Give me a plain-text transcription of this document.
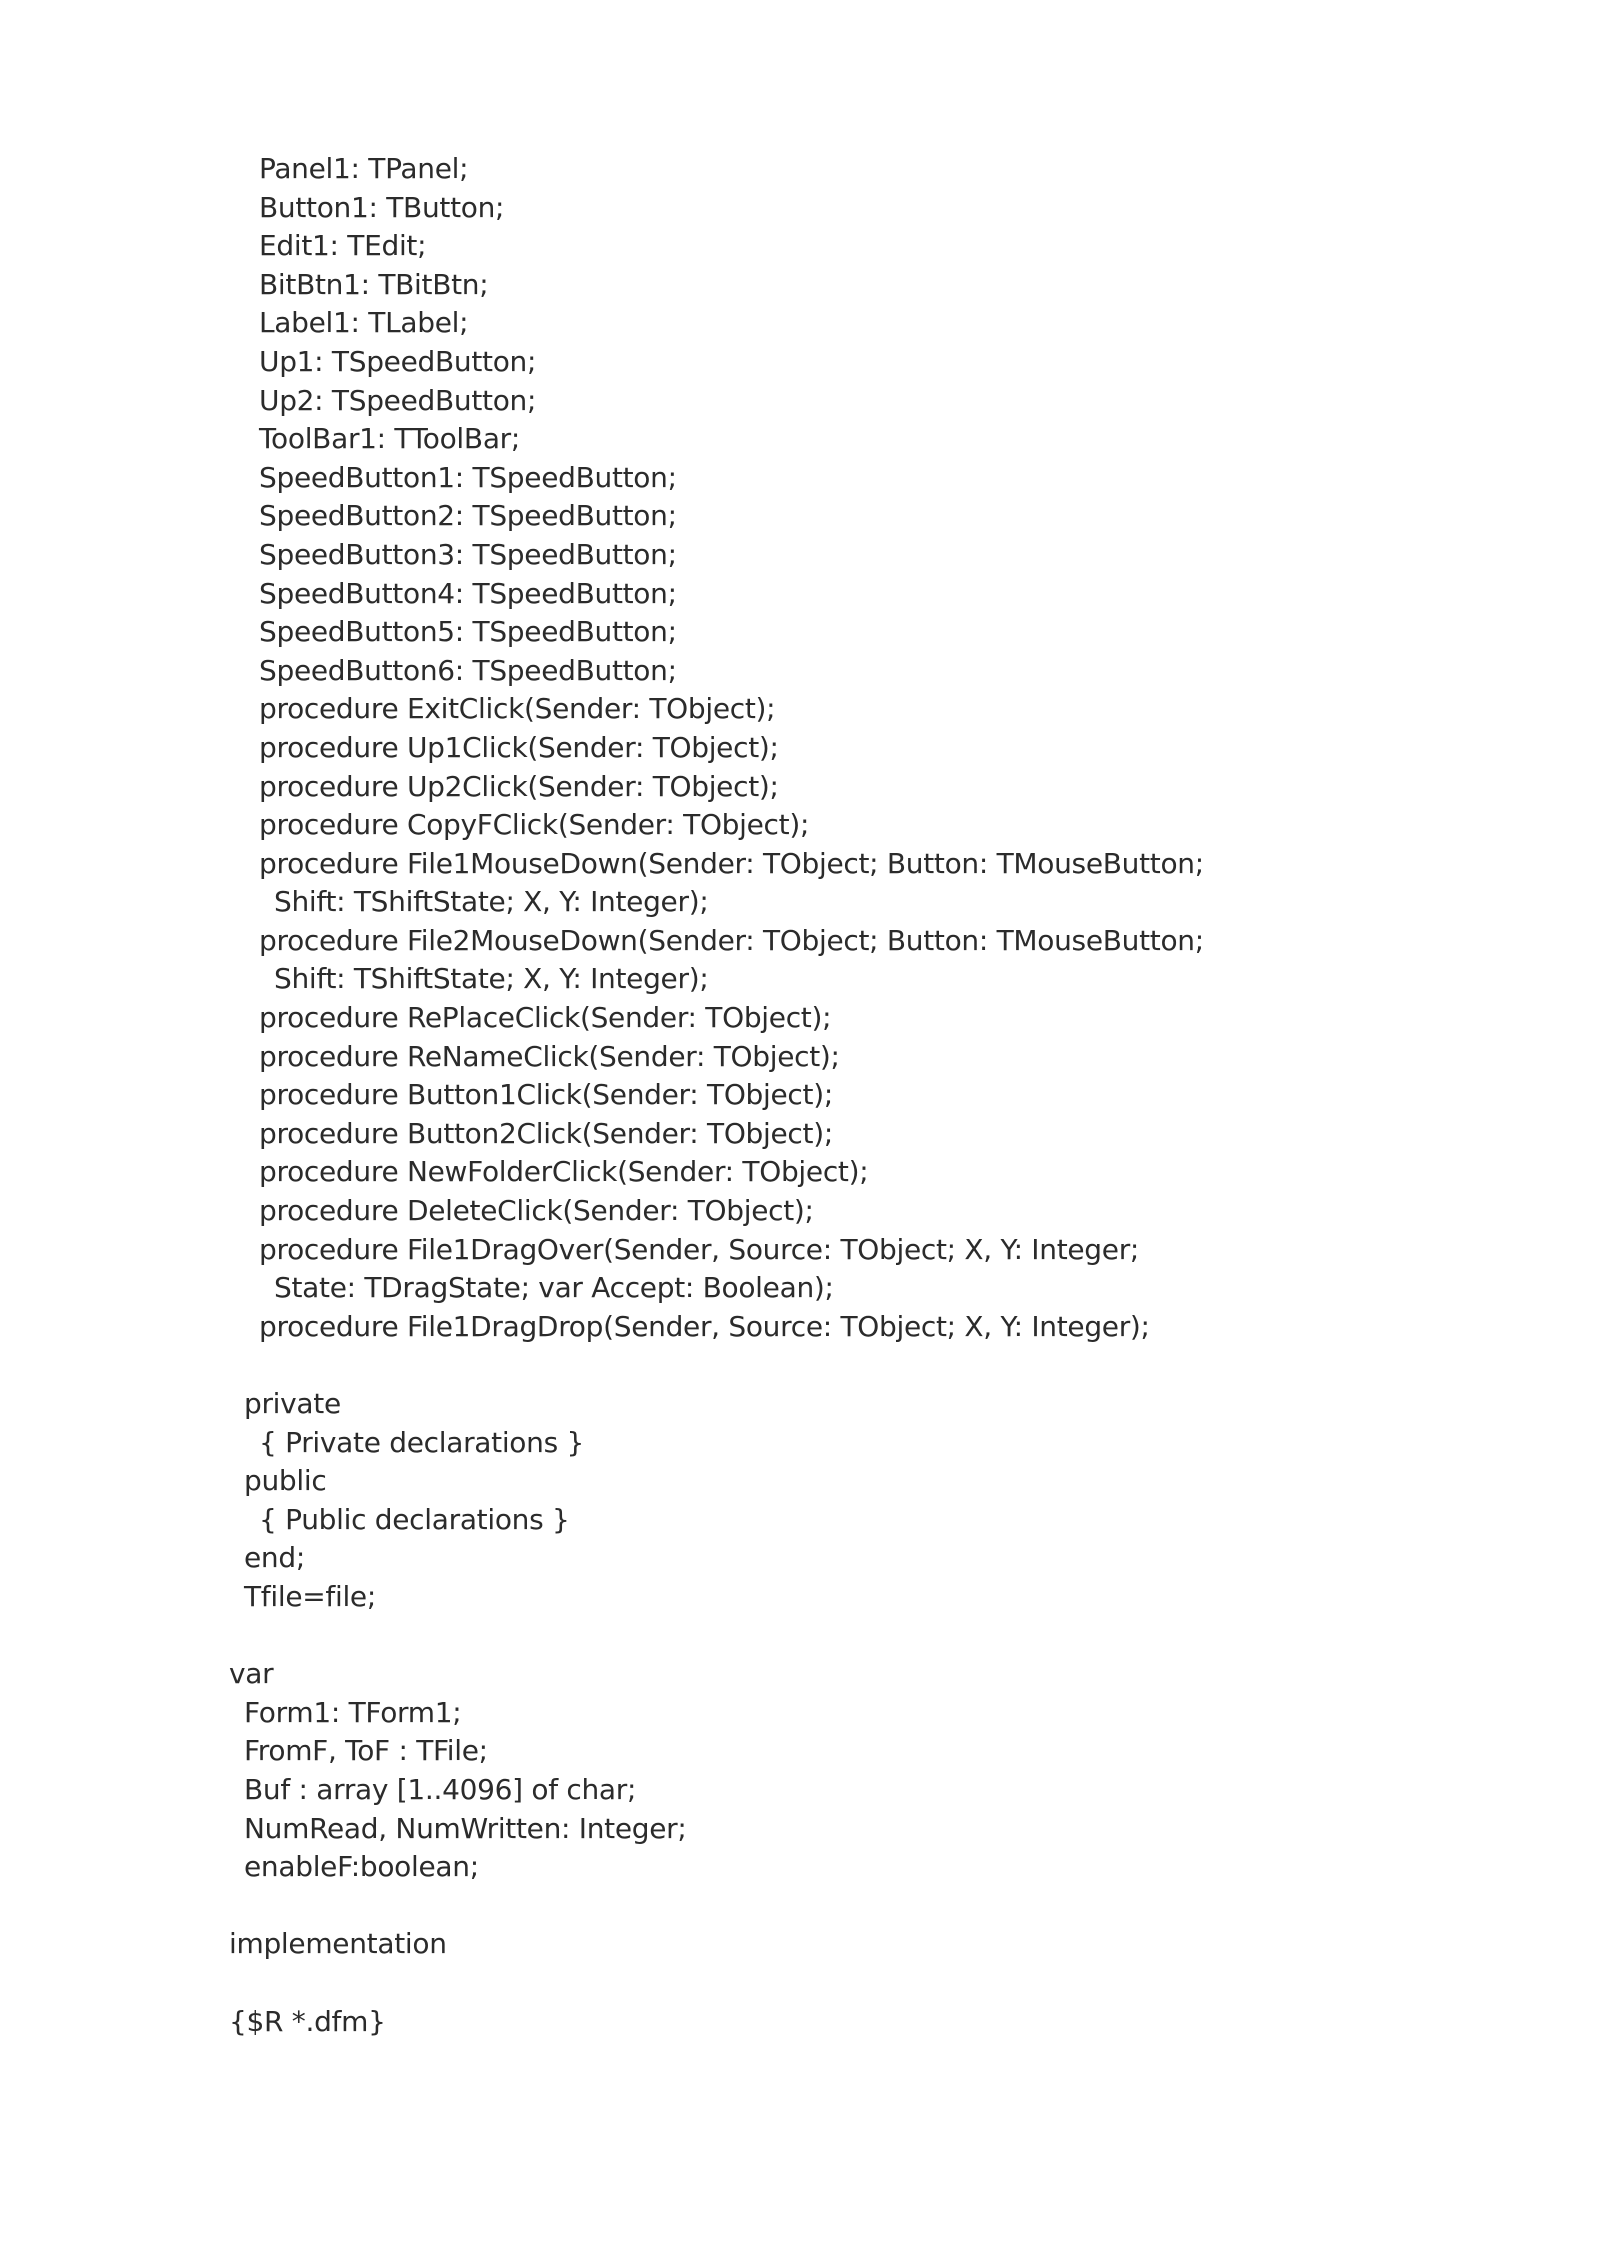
Panel1: TPanel;
Button1: TButton;
Edit1: TEdit;
BitBtn1: TBitBtn;
Label1: TLabel;
Up1: TSpeedButton;
Up2: TSpeedButton;
ToolBar1: TToolBar;
SpeedButton1: TSpeedButton;
SpeedButton2: TSpeedButton;
SpeedButton3: TSpeedButton;
SpeedButton4: TSpeedButton;
SpeedButton5: TSpeedButton;
SpeedButton6: TSpeedButton;
procedure ExitClick(Sender: TObject);
procedure Up1Click(Sender: TObject);
procedure Up2Click(Sender: TObject);
procedure CopyFClick(Sender: TObject);
procedure File1MouseDown(Sender: TObject; Button: TMouseButton;
Shift: TShiftState; X, Y: Integer);
procedure File2MouseDown(Sender: TObject; Button: TMouseButton;
Shift: TShiftState; X, Y: Integer);
procedure RePlaceClick(Sender: TObject);
procedure ReNameClick(Sender: TObject);
procedure Button1Click(Sender: TObject);
procedure Button2Click(Sender: TObject);
procedure NewFolderClick(Sender: TObject);
procedure DeleteClick(Sender: TObject);
procedure File1DragOver(Sender, Source: TObject; X, Y: Integer;
State: TDragState; var Accept: Boolean);
procedure File1DragDrop(Sender, Source: TObject; X, Y: Integer);
private
{ Private declarations }
public
{ Public declarations }
end;
Tfile=file;
var
Form1: TForm1;
FromF, ToF : TFile;
Buf : array [1..4096] of char;
NumRead, NumWritten: Integer;
enableF:boolean;
implementation
{$R *.dfm}
